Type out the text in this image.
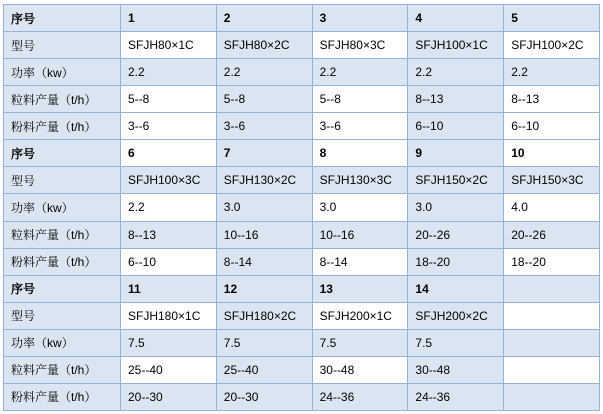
序号	1	2	3	4	5
型号	SFJH80×1C	SFJH80×2C	SFJH80×3C	SFJH100×1C	SFJH100×2C
功率（kw）	2.2	2.2	2.2	2.2	2.2
粒料产量（t/h）	5--8	5--8	5--8	8--13	8--13
粉料产量（t/h）	3--6	3--6	3--6	6--10	6--10
序号	6	7	8	9	10
型号	SFJH100×3C	SFJH130×2C	SFJH130×3C	SFJH150×2C	SFJH150×3C
功率（kw）	2.2	3.0	3.0	3.0	4.0
粒料产量（t/h）	8--13	10--16	10--16	20--26	20--26
粉料产量（t/h）	6--10	8--14	8--14	18--20	18--20
序号	11	12	13	14	
型号	SFJH180×1C	SFJH180×2C	SFJH200×1C	SFJH200×2C	
功率（kw）	7.5	7.5	7.5	7.5	
粒料产量（t/h）	25--40	25--40	30--48	30--48	
粉料产量（t/h）	20--30	20--30	24--36	24--36	
